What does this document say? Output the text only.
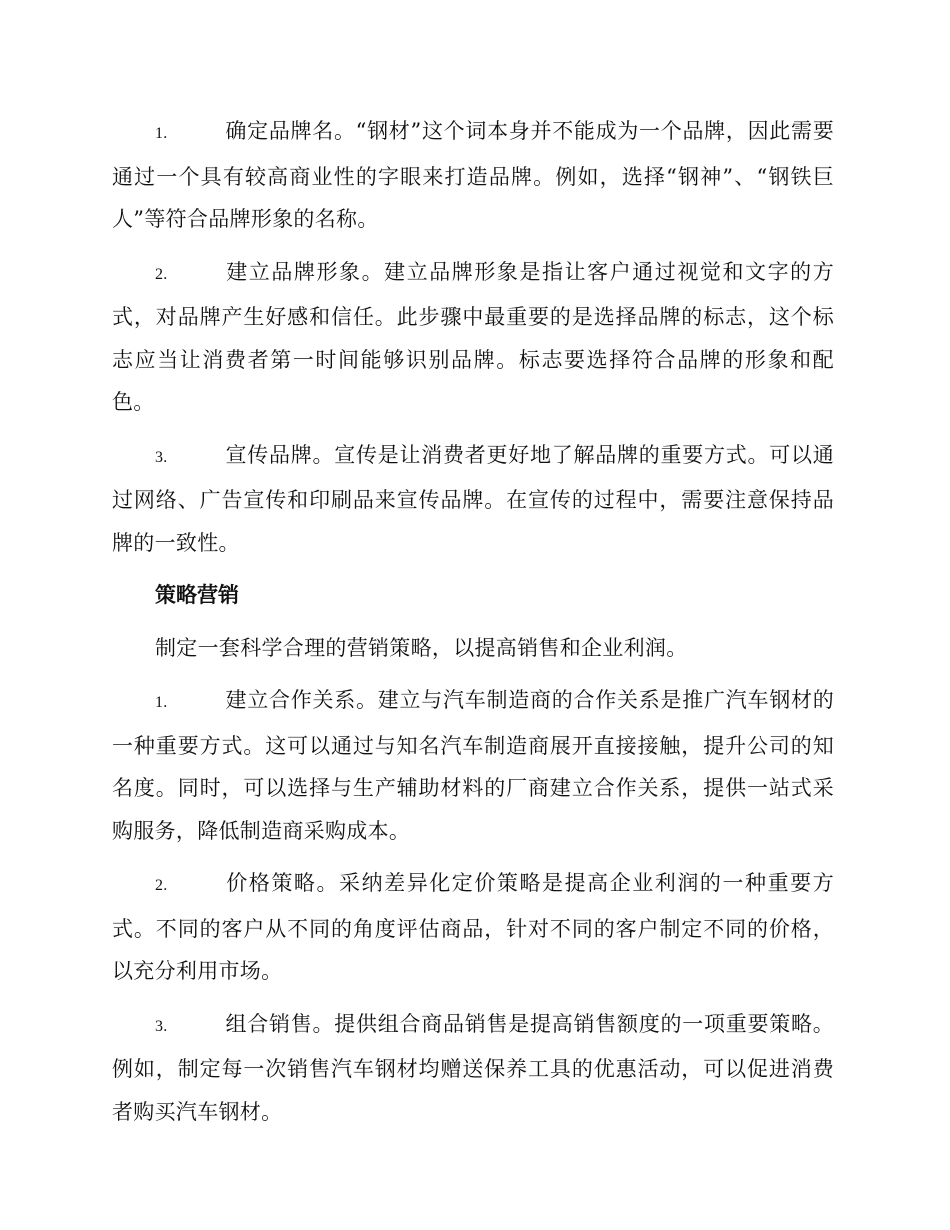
1.	确定品牌名。“钢材”这个词本身并不能成为一个品牌，因此需要通过一个具有较高商业性的字眼来打造品牌。例如，选择“钢神”、“钢铁巨人”等符合品牌形象的名称。

2.	建立品牌形象。建立品牌形象是指让客户通过视觉和文字的方式，对品牌产生好感和信任。此步骤中最重要的是选择品牌的标志，这个标志应当让消费者第一时间能够识别品牌。标志要选择符合品牌的形象和配色。

3.	宣传品牌。宣传是让消费者更好地了解品牌的重要方式。可以通过网络、广告宣传和印刷品来宣传品牌。在宣传的过程中，需要注意保持品牌的一致性。

策略营销

制定一套科学合理的营销策略，以提高销售和企业利润。

1.	建立合作关系。建立与汽车制造商的合作关系是推广汽车钢材的一种重要方式。这可以通过与知名汽车制造商展开直接接触，提升公司的知名度。同时，可以选择与生产辅助材料的厂商建立合作关系，提供一站式采购服务，降低制造商采购成本。

2.	价格策略。采纳差异化定价策略是提高企业利润的一种重要方式。不同的客户从不同的角度评估商品，针对不同的客户制定不同的价格，以充分利用市场。

3.	组合销售。提供组合商品销售是提高销售额度的一项重要策略。例如，制定每一次销售汽车钢材均赠送保养工具的优惠活动，可以促进消费者购买汽车钢材。
